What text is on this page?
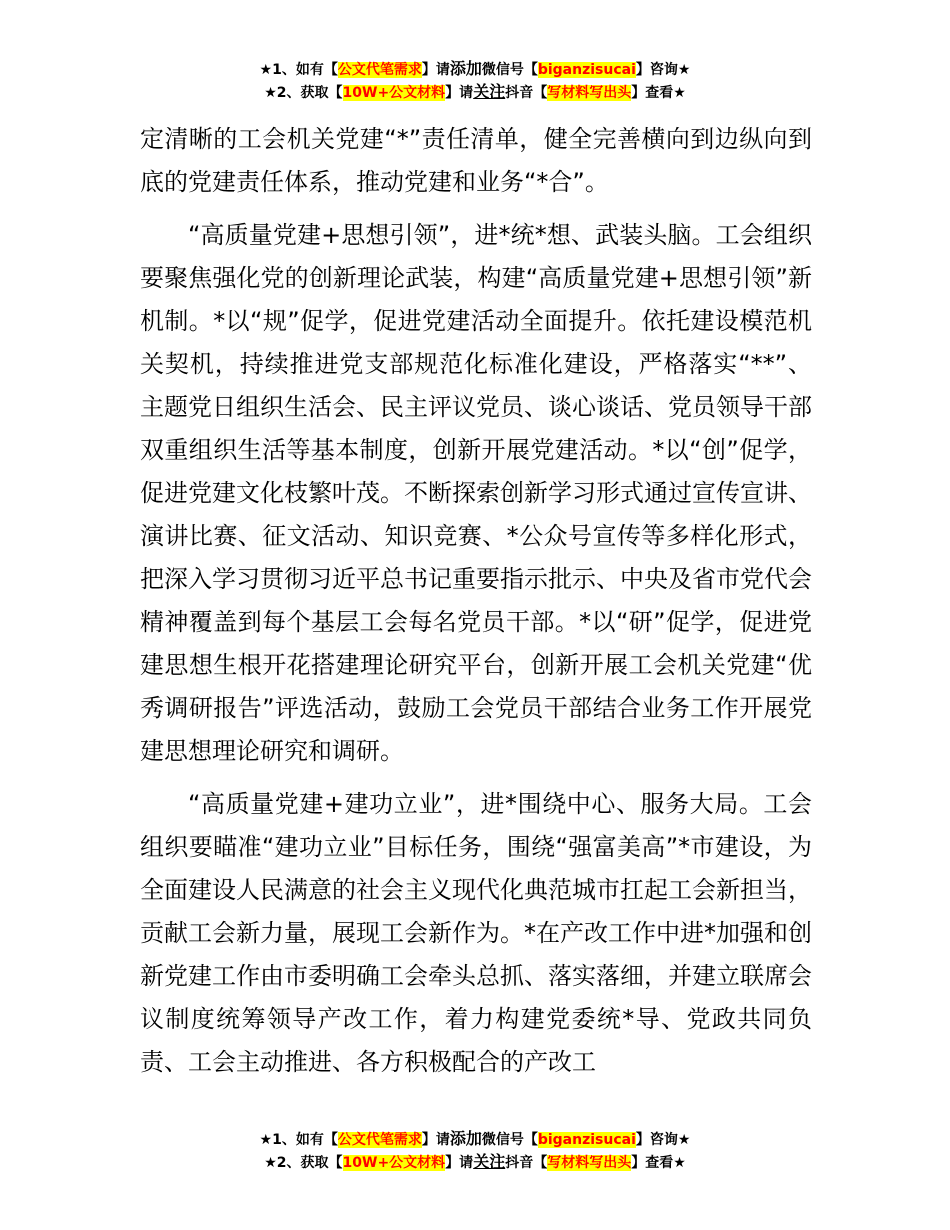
★1、如有【公文代笔需求】请添加微信号【biganzisucai】咨询★
★2、获取【10W+公文材料】请关注抖音【写材料写出头】查看★

定清晰的工会机关党建“*”责任清单，健全完善横向到边纵向到底的党建责任体系，推动党建和业务“*合”。

“高质量党建+思想引领”，进*统*想、武装头脑。工会组织要聚焦强化党的创新理论武装，构建“高质量党建+思想引领”新机制。*以“规”促学，促进党建活动全面提升。依托建设模范机关契机，持续推进党支部规范化标准化建设，严格落实“**”、主题党日组织生活会、民主评议党员、谈心谈话、党员领导干部双重组织生活等基本制度，创新开展党建活动。*以“创”促学，促进党建文化枝繁叶茂。不断探索创新学习形式通过宣传宣讲、演讲比赛、征文活动、知识竞赛、*公众号宣传等多样化形式，把深入学习贯彻习近平总书记重要指示批示、中央及省市党代会精神覆盖到每个基层工会每名党员干部。*以“研”促学，促进党建思想生根开花搭建理论研究平台，创新开展工会机关党建“优秀调研报告”评选活动，鼓励工会党员干部结合业务工作开展党建思想理论研究和调研。

“高质量党建+建功立业”，进*围绕中心、服务大局。工会组织要瞄准“建功立业”目标任务，围绕“强富美高”*市建设，为全面建设人民满意的社会主义现代化典范城市扛起工会新担当，贡献工会新力量，展现工会新作为。*在产改工作中进*加强和创新党建工作由市委明确工会牵头总抓、落实落细，并建立联席会议制度统筹领导产改工作，着力构建党委统*导、党政共同负责、工会主动推进、各方积极配合的产改工

★1、如有【公文代笔需求】请添加微信号【biganzisucai】咨询★
★2、获取【10W+公文材料】请关注抖音【写材料写出头】查看★
